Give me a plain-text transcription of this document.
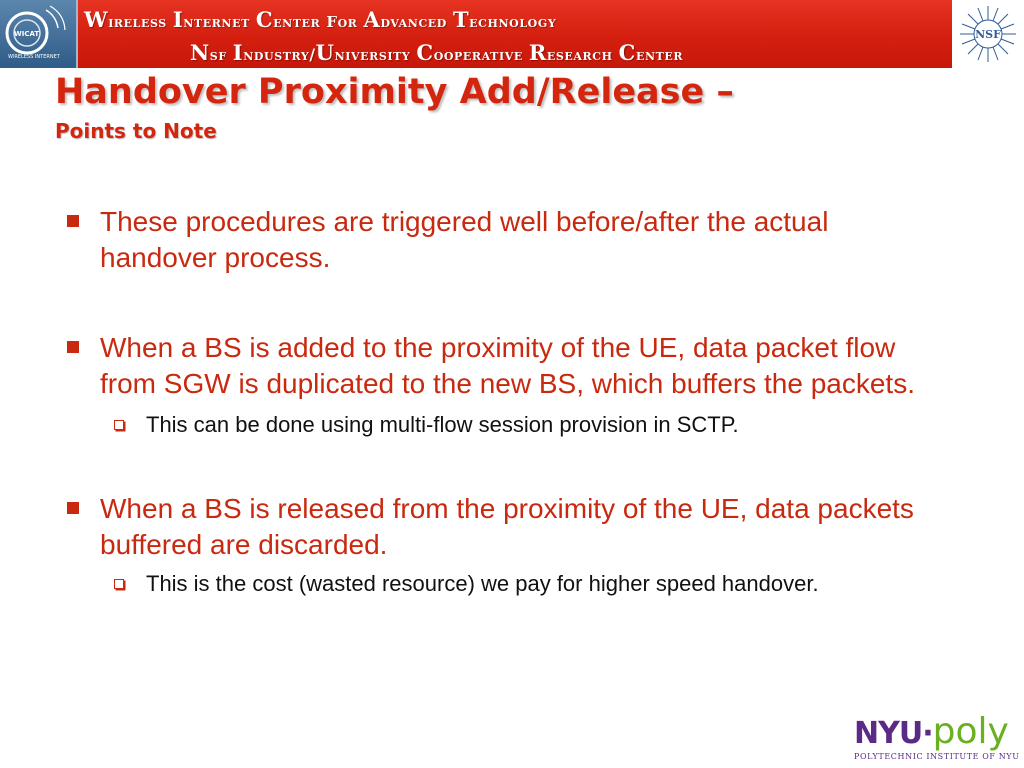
WICAT
WIRELESS INTERNET
Wireless Internet Center for Advanced Technology
Nsf Industry/University Cooperative Research Center
NSF
Handover Proximity Add/Release –
Points to Note

These procedures are triggered well before/after the actual handover process.

When a BS is added to the proximity of the UE, data packet flow from SGW is duplicated to the new BS, which buffers the packets.

This can be done using multi-flow session provision in SCTP.

When a BS is released from the proximity of the UE, data packets buffered are discarded.

This is the cost (wasted resource) we pay for higher speed handover.

NYU·poly
POLYTECHNIC INSTITUTE OF NYU
